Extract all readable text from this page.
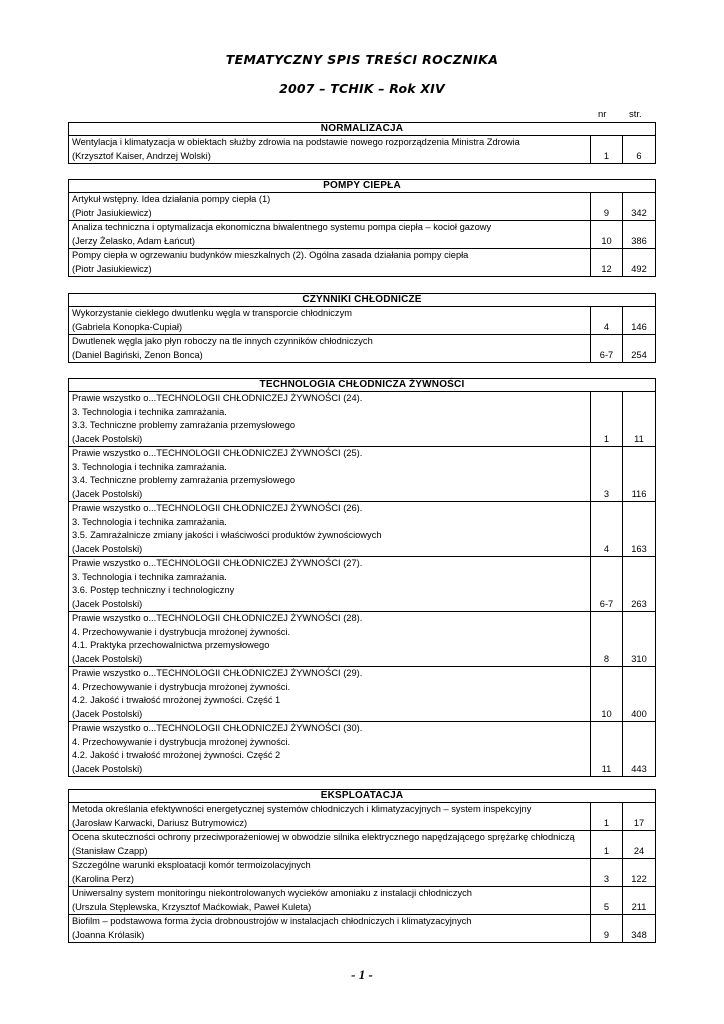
TEMATYCZNY SPIS TREŚCI ROCZNIKA
2007 – TCHIK – Rok XIV
nr str.
NORMALIZACJA
Wentylacja i klimatyzacja w obiektach służby zdrowia na podstawie nowego rozporządzenia Ministra Zdrowia
(Krzysztof Kaiser, Andrzej Wolski)	1	6
POMPY CIEPŁA
Artykuł wstępny. Idea działania pompy ciepła (1)
(Piotr Jasiukiewicz)	9	342
Analiza techniczna i optymalizacja ekonomiczna biwalentnego systemu pompa ciepła – kocioł gazowy
(Jerzy Żelasko, Adam Łańcut)	10	386
Pompy ciepła w ogrzewaniu budynków mieszkalnych (2). Ogólna zasada działania pompy ciepła
(Piotr Jasiukiewicz)	12	492
CZYNNIKI CHŁODNICZE
Wykorzystanie ciekłego dwutlenku węgla w transporcie chłodniczym
(Gabriela Konopka-Cupiał)	4	146
Dwutlenek węgla jako płyn roboczy na tle innych czynników chłodniczych
(Daniel Bagiński, Zenon Bonca)	6-7	254
TECHNOLOGIA CHŁODNICZA ŻYWNOŚCI
Prawie wszystko o...TECHNOLOGII CHŁODNICZEJ ŻYWNOŚCI (24).
3. Technologia i technika zamrażania.
3.3. Techniczne problemy zamrażania przemysłowego
(Jacek Postolski)	1	11
Prawie wszystko o...TECHNOLOGII CHŁODNICZEJ ŻYWNOŚCI (25).
3. Technologia i technika zamrażania.
3.4. Techniczne problemy zamrażania przemysłowego
(Jacek Postolski)	3	116
Prawie wszystko o...TECHNOLOGII CHŁODNICZEJ ŻYWNOŚCI (26).
3. Technologia i technika zamrażania.
3.5. Zamrażalnicze zmiany jakości i właściwości produktów żywnościowych
(Jacek Postolski)	4	163
Prawie wszystko o...TECHNOLOGII CHŁODNICZEJ ŻYWNOŚCI (27).
3. Technologia i technika zamrażania.
3.6. Postęp techniczny i technologiczny
(Jacek Postolski)	6-7	263
Prawie wszystko o...TECHNOLOGII CHŁODNICZEJ ŻYWNOŚCI (28).
4. Przechowywanie i dystrybucja mrożonej żywności.
4.1. Praktyka przechowalnictwa przemysłowego
(Jacek Postolski)	8	310
Prawie wszystko o...TECHNOLOGII CHŁODNICZEJ ŻYWNOŚCI (29).
4. Przechowywanie i dystrybucja mrożonej żywności.
4.2. Jakość i trwałość mrożonej żywności. Część 1
(Jacek Postolski)	10	400
Prawie wszystko o...TECHNOLOGII CHŁODNICZEJ ŻYWNOŚCI (30).
4. Przechowywanie i dystrybucja mrożonej żywności.
4.2. Jakość i trwałość mrożonej żywności. Część 2
(Jacek Postolski)	11	443
EKSPLOATACJA
Metoda określania efektywności energetycznej systemów chłodniczych i klimatyzacyjnych – system inspekcyjny
(Jarosław Karwacki, Dariusz Butrymowicz)	1	17
Ocena skuteczności ochrony przeciwporażeniowej w obwodzie silnika elektrycznego napędzającego sprężarkę chłodniczą
(Stanisław Czapp)	1	24
Szczególne warunki eksploatacji komór termoizolacyjnych
(Karolina Perz)	3	122
Uniwersalny system monitoringu niekontrolowanych wycieków amoniaku z instalacji chłodniczych
(Urszula Stęplewska, Krzysztof Maćkowiak, Paweł Kuleta)	5	211
Biofilm – podstawowa forma życia drobnoustrojów w instalacjach chłodniczych i klimatyzacyjnych
(Joanna Królasik)	9	348
- 1 -
